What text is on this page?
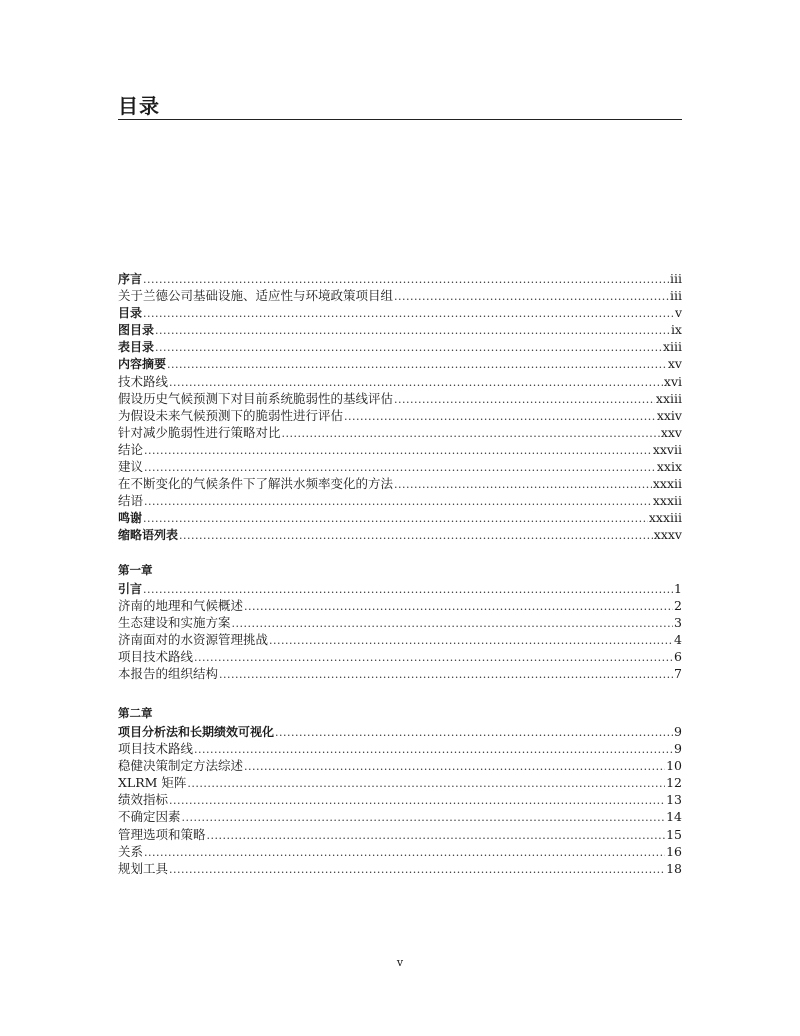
目录
序言 .....	iii
关于兰德公司基础设施、适应性与环境政策项目组 .....	iii
目录 .....	v
图目录 .....	ix
表目录 .....	xiii
内容摘要 .....	xv
技术路线 .....	xvi
假设历史气候预测下对目前系统脆弱性的基线评估 .....	xxiii
为假设未来气候预测下的脆弱性进行评估 .....	xxiv
针对减少脆弱性进行策略对比 .....	xxv
结论 .....	xxvii
建议 .....	xxix
在不断变化的气候条件下了解洪水频率变化的方法 .....	xxxii
结语 .....	xxxii
鸣谢 .....	xxxiii
缩略语列表 .....	xxxv
第一章
引言 .....	1
济南的地理和气候概述 .....	2
生态建设和实施方案 .....	3
济南面对的水资源管理挑战 .....	4
项目技术路线 .....	6
本报告的组织结构 .....	7
第二章
项目分析法和长期绩效可视化 .....	9
项目技术路线 .....	9
稳健决策制定方法综述 .....	10
XLRM 矩阵 .....	12
绩效指标 .....	13
不确定因素 .....	14
管理选项和策略 .....	15
关系 .....	16
规划工具 .....	18
v
